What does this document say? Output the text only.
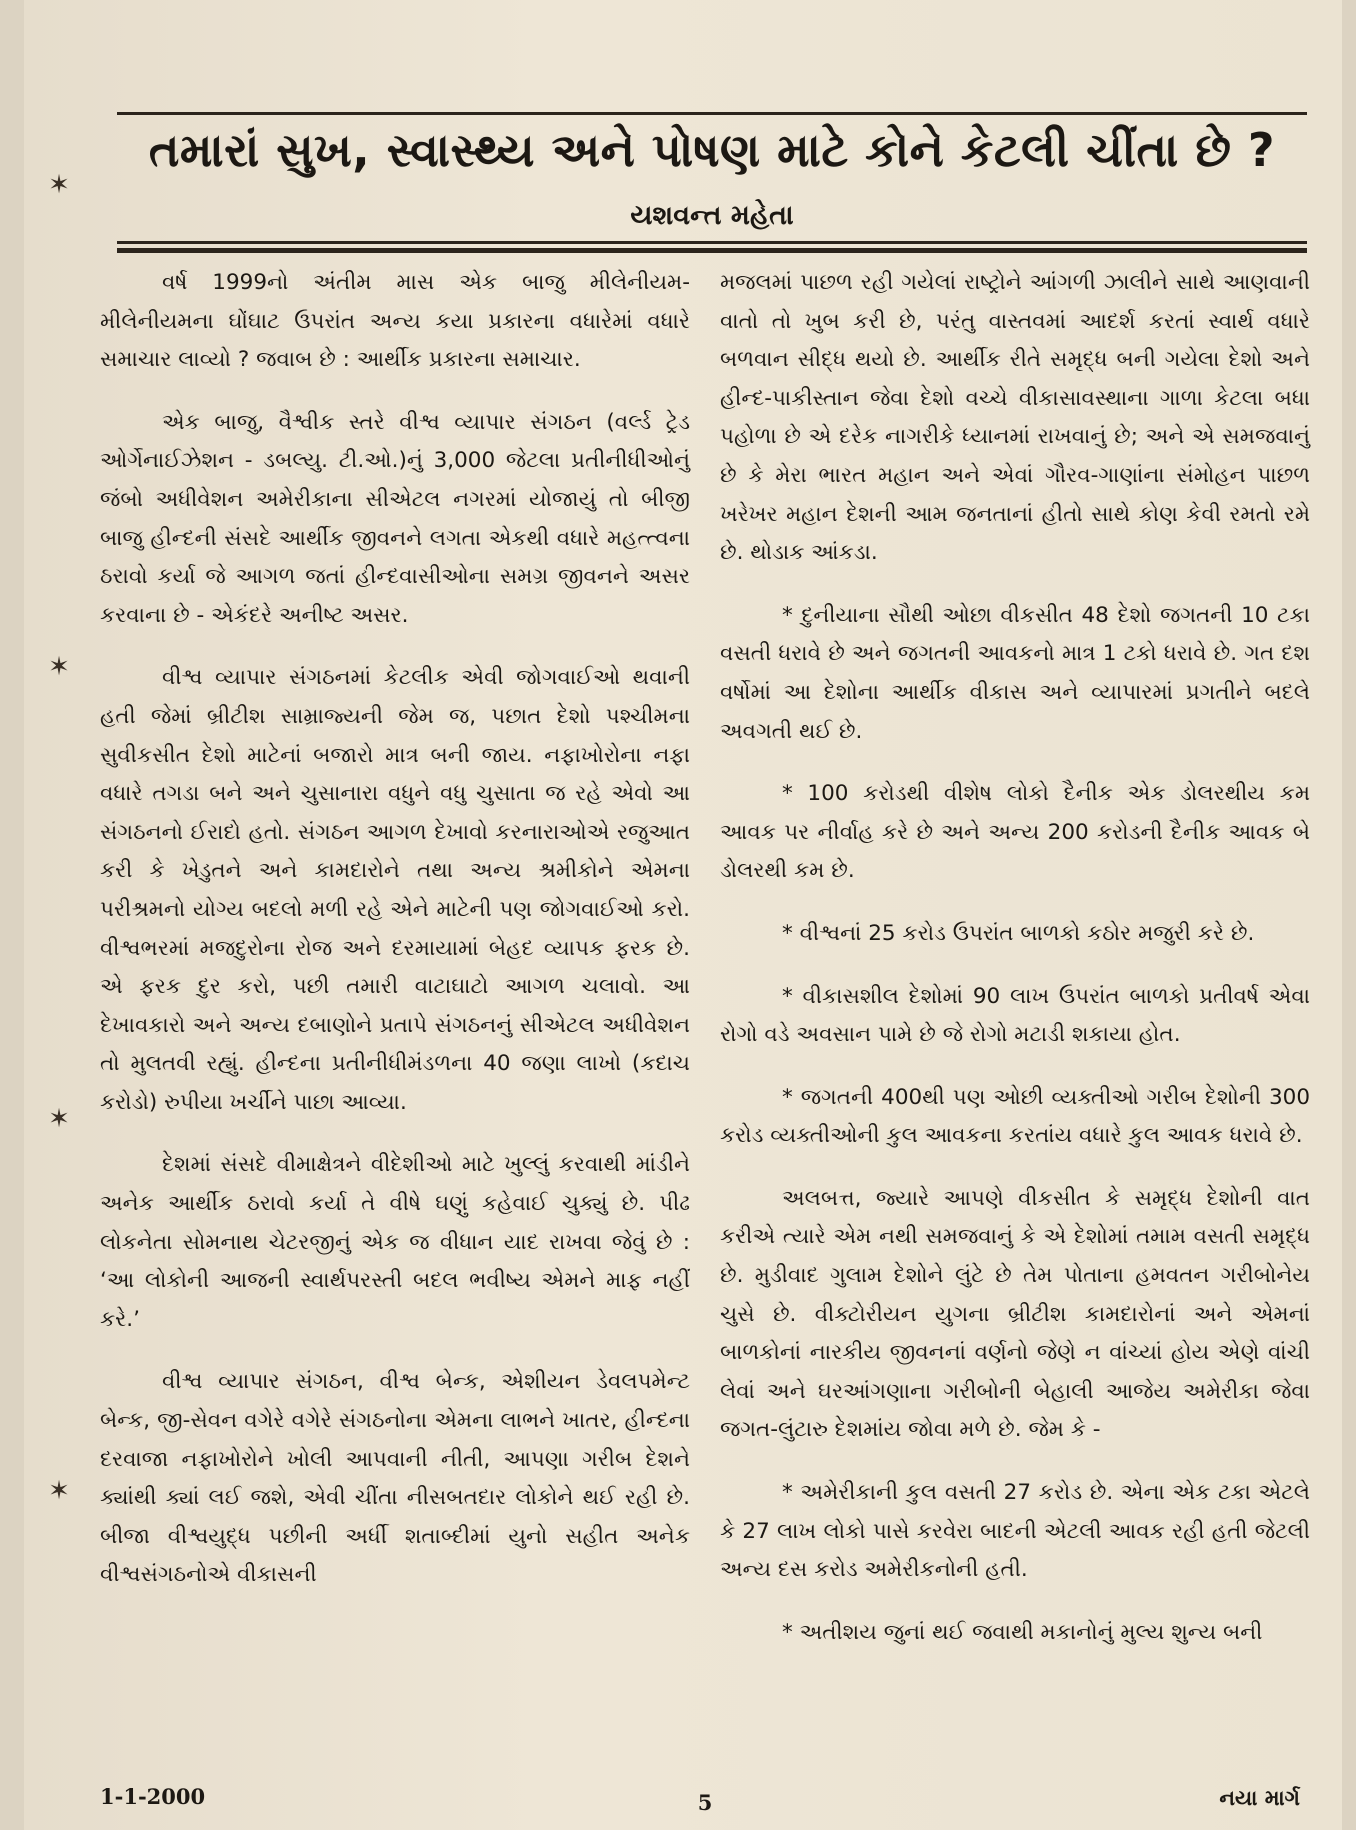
✶
✶
✶
✶
તમારાં સુખ, સ્વાસ્થ્ય અને પોષણ માટે કોને કેટલી ચીંતા છે ?
યશવન્ત મહેતા

વર્ષ 1999નો અંતીમ માસ એક બાજુ મીલેનીયમ-મીલેનીયમના ઘોંઘાટ ઉપરાંત અન્ય કયા પ્રકારના વધારેમાં વધારે સમાચાર લાવ્યો ? જવાબ છે : આર્થીક પ્રકારના સમાચાર.

એક બાજુ, વૈશ્વીક સ્તરે વીશ્વ વ્યાપાર સંગઠન (વર્લ્ડ ટ્રેડ ઓર્ગેનાઈઝેશન - ડબલ્યુ. ટી.ઓ.)નું 3,000 જેટલા પ્રતીનીધીઓનું જંબો અધીવેશન અમેરીકાના સીએટલ નગરમાં યોજાયું તો બીજી બાજુ હીન્દની સંસદે આર્થીક જીવનને લગતા એકથી વધારે મહત્ત્વના ઠરાવો કર્યા જે આગળ જતાં હીન્દવાસીઓના સમગ્ર જીવનને અસર કરવાના છે - એકંદરે અનીષ્ટ અસર.

વીશ્વ વ્યાપાર સંગઠનમાં કેટલીક એવી જોગવાઈઓ થવાની હતી જેમાં બ્રીટીશ સામ્રાજ્યની જેમ જ, પછાત દેશો પશ્ચીમના સુવીકસીત દેશો માટેનાં બજારો માત્ર બની જાય. નફાખોરોના નફા વધારે તગડા બને અને ચુસાનારા વધુને વધુ ચુસાતા જ રહે એવો આ સંગઠનનો ઈરાદો હતો. સંગઠન આગળ દેખાવો કરનારાઓએ રજુઆત કરી કે ખેડુતને અને કામદારોને તથા અન્ય શ્રમીકોને એમના પરીશ્રમનો યોગ્ય બદલો મળી રહે એને માટેની પણ જોગવાઈઓ કરો. વીશ્વભરમાં મજદુરોના રોજ અને દરમાયામાં બેહદ વ્યાપક ફરક છે. એ ફરક દુર કરો, પછી તમારી વાટાઘાટો આગળ ચલાવો. આ દેખાવકારો અને અન્ય દબાણોને પ્રતાપે સંગઠનનું સીએટલ અધીવેશન તો મુલતવી રહ્યું. હીન્દના પ્રતીનીધીમંડળના 40 જણા લાખો (કદાચ કરોડો) રુપીયા ખર્ચીને પાછા આવ્યા.

દેશમાં સંસદે વીમાક્ષેત્રને વીદેશીઓ માટે ખુલ્લું કરવાથી માંડીને અનેક આર્થીક ઠરાવો કર્યા તે વીષે ઘણું કહેવાઈ ચુક્યું છે. પીઢ લોકનેતા સોમનાથ ચેટરજીનું એક જ વીધાન યાદ રાખવા જેવું છે : ‘આ લોકોની આજની સ્વાર્થપરસ્તી બદલ ભવીષ્ય એમને માફ નહીં કરે.’

વીશ્વ વ્યાપાર સંગઠન, વીશ્વ બેન્ક, એશીયન ડેવલપમેન્ટ બેન્ક, જી-સેવન વગેરે વગેરે સંગઠનોના એમના લાભને ખાતર, હીન્દના દરવાજા નફાખોરોને ખોલી આપવાની નીતી, આપણા ગરીબ દેશને ક્યાંથી ક્યાં લઈ જશે, એવી ચીંતા નીસબતદાર લોકોને થઈ રહી છે. બીજા વીશ્વયુદ્ધ પછીની અર્ધી શતાબ્દીમાં યુનો સહીત અનેક વીશ્વસંગઠનોએ વીકાસની

મજલમાં પાછળ રહી ગયેલાં રાષ્ટ્રોને આંગળી ઝાલીને સાથે આણવાની વાતો તો ખુબ કરી છે, પરંતુ વાસ્તવમાં આદર્શ કરતાં સ્વાર્થ વધારે બળવાન સીદ્ધ થયો છે. આર્થીક રીતે સમૃદ્ધ બની ગયેલા દેશો અને હીન્દ-પાકીસ્તાન જેવા દેશો વચ્ચે વીકાસાવસ્થાના ગાળા કેટલા બધા પહોળા છે એ દરેક નાગરીકે ધ્યાનમાં રાખવાનું છે; અને એ સમજવાનું છે કે મેરા ભારત મહાન અને એવાં ગૌરવ-ગાણાંના સંમોહન પાછળ ખરેખર મહાન દેશની આમ જનતાનાં હીતો સાથે કોણ કેવી રમતો રમે છે. થોડાક આંકડા.

* દુનીયાના સૌથી ઓછા વીકસીત 48 દેશો જગતની 10 ટકા વસતી ધરાવે છે અને જગતની આવકનો માત્ર 1 ટકો ધરાવે છે. ગત દશ વર્ષોમાં આ દેશોના આર્થીક વીકાસ અને વ્યાપારમાં પ્રગતીને બદલે અવગતી થઈ છે.

* 100 કરોડથી વીશેષ લોકો દૈનીક એક ડોલરથીય કમ આવક પર નીર્વાહ કરે છે અને અન્ય 200 કરોડની દૈનીક આવક બે ડોલરથી કમ છે.

* વીશ્વનાં 25 કરોડ ઉપરાંત બાળકો કઠોર મજુરી કરે છે.

* વીકાસશીલ દેશોમાં 90 લાખ ઉપરાંત બાળકો પ્રતીવર્ષ એવા રોગો વડે અવસાન પામે છે જે રોગો મટાડી શકાયા હોત.

* જગતની 400થી પણ ઓછી વ્યક્તીઓ ગરીબ દેશોની 300 કરોડ વ્યક્તીઓની કુલ આવકના કરતાંય વધારે કુલ આવક ધરાવે છે.

અલબત્ત, જ્યારે આપણે વીકસીત કે સમૃદ્ધ દેશોની વાત કરીએ ત્યારે એમ નથી સમજવાનું કે એ દેશોમાં તમામ વસતી સમૃદ્ધ છે. મુડીવાદ ગુલામ દેશોને લુંટે છે તેમ પોતાના હમવતન ગરીબોનેય ચુસે છે. વીક્ટોરીયન યુગના બ્રીટીશ કામદારોનાં અને એમનાં બાળકોનાં નારકીય જીવનનાં વર્ણનો જેણે ન વાંચ્યાં હોય એણે વાંચી લેવાં અને ઘરઆંગણાના ગરીબોની બેહાલી આજેય અમેરીકા જેવા જગત-લુંટારુ દેશમાંય જોવા મળે છે. જેમ કે -

* અમેરીકાની કુલ વસતી 27 કરોડ છે. એના એક ટકા એટલે કે 27 લાખ લોકો પાસે કરવેરા બાદની એટલી આવક રહી હતી જેટલી અન્ય દસ કરોડ અમેરીકનોની હતી.

* અતીશય જુનાં થઈ જવાથી મકાનોનું મુલ્ય શુન્ય બની

1-1-2000	5	નયા માર્ગ
